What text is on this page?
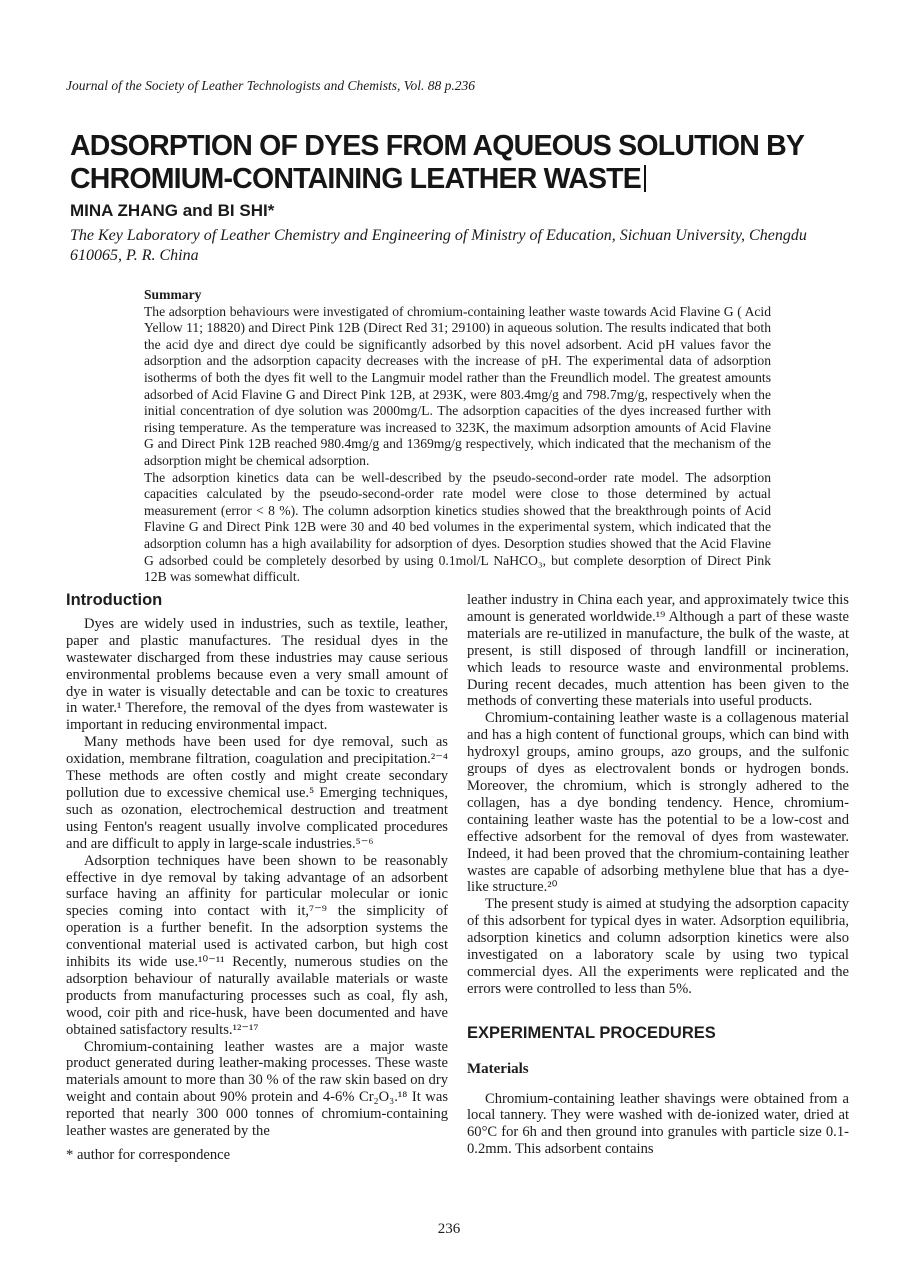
Journal of the Society of Leather Technologists and Chemists, Vol. 88 p.236
ADSORPTION OF DYES FROM AQUEOUS SOLUTION BY
CHROMIUM-CONTAINING LEATHER WASTE
MINA ZHANG and BI SHI*
The Key Laboratory of Leather Chemistry and Engineering of Ministry of Education, Sichuan University, Chengdu 610065, P. R. China
Summary

The adsorption behaviours were investigated of chromium-containing leather waste towards Acid Flavine G ( Acid Yellow 11; 18820) and Direct Pink 12B (Direct Red 31; 29100) in aqueous solution. The results indicated that both the acid dye and direct dye could be significantly adsorbed by this novel adsorbent. Acid pH values favor the adsorption and the adsorption capacity decreases with the increase of pH. The experimental data of adsorption isotherms of both the dyes fit well to the Langmuir model rather than the Freundlich model. The greatest amounts adsorbed of Acid Flavine G and Direct Pink 12B, at 293K, were 803.4mg/g and 798.7mg/g, respectively when the initial concentration of dye solution was 2000mg/L. The adsorption capacities of the dyes increased further with rising temperature. As the temperature was increased to 323K, the maximum adsorption amounts of Acid Flavine G and Direct Pink 12B reached 980.4mg/g and 1369mg/g respectively, which indicated that the mechanism of the adsorption might be chemical adsorption.

The adsorption kinetics data can be well-described by the pseudo-second-order rate model. The adsorption capacities calculated by the pseudo-second-order rate model were close to those determined by actual measurement (error < 8 %). The column adsorption kinetics studies showed that the breakthrough points of Acid Flavine G and Direct Pink 12B were 30 and 40 bed volumes in the experimental system, which indicated that the adsorption column has a high availability for adsorption of dyes. Desorption studies showed that the Acid Flavine G adsorbed could be completely desorbed by using 0.1mol/L NaHCO₃, but complete desorption of Direct Pink 12B was somewhat difficult.

Introduction

Dyes are widely used in industries, such as textile, leather, paper and plastic manufactures. The residual dyes in the wastewater discharged from these industries may cause serious environmental problems because even a very small amount of dye in water is visually detectable and can be toxic to creatures in water.¹ Therefore, the removal of the dyes from wastewater is important in reducing environmental impact.

Many methods have been used for dye removal, such as oxidation, membrane filtration, coagulation and precipitation.²⁻⁴ These methods are often costly and might create secondary pollution due to excessive chemical use.⁵ Emerging techniques, such as ozonation, electrochemical destruction and treatment using Fenton's reagent usually involve complicated procedures and are difficult to apply in large-scale industries.⁵⁻⁶

Adsorption techniques have been shown to be reasonably effective in dye removal by taking advantage of an adsorbent surface having an affinity for particular molecular or ionic species coming into contact with it,⁷⁻⁹ the simplicity of operation is a further benefit. In the adsorption systems the conventional material used is activated carbon, but high cost inhibits its wide use.¹⁰⁻¹¹ Recently, numerous studies on the adsorption behaviour of naturally available materials or waste products from manufacturing processes such as coal, fly ash, wood, coir pith and rice-husk, have been documented and have obtained satisfactory results.¹²⁻¹⁷

Chromium-containing leather wastes are a major waste product generated during leather-making processes. These waste materials amount to more than 30 % of the raw skin based on dry weight and contain about 90% protein and 4-6% Cr₂O₃.¹⁸ It was reported that nearly 300 000 tonnes of chromium-containing leather wastes are generated by the

* author for correspondence

leather industry in China each year, and approximately twice this amount is generated worldwide.¹⁹ Although a part of these waste materials are re-utilized in manufacture, the bulk of the waste, at present, is still disposed of through landfill or incineration, which leads to resource waste and environmental problems. During recent decades, much attention has been given to the methods of converting these materials into useful products.

Chromium-containing leather waste is a collagenous material and has a high content of functional groups, which can bind with hydroxyl groups, amino groups, azo groups, and the sulfonic groups of dyes as electrovalent bonds or hydrogen bonds. Moreover, the chromium, which is strongly adhered to the collagen, has a dye bonding tendency. Hence, chromium-containing leather waste has the potential to be a low-cost and effective adsorbent for the removal of dyes from wastewater. Indeed, it had been proved that the chromium-containing leather wastes are capable of adsorbing methylene blue that has a dye-like structure.²⁰

The present study is aimed at studying the adsorption capacity of this adsorbent for typical dyes in water. Adsorption equilibria, adsorption kinetics and column adsorption kinetics were also investigated on a laboratory scale by using two typical commercial dyes. All the experiments were replicated and the errors were controlled to less than 5%.

EXPERIMENTAL PROCEDURES
Materials

Chromium-containing leather shavings were obtained from a local tannery. They were washed with de-ionized water, dried at 60°C for 6h and then ground into granules with particle size 0.1-0.2mm. This adsorbent contains

236
